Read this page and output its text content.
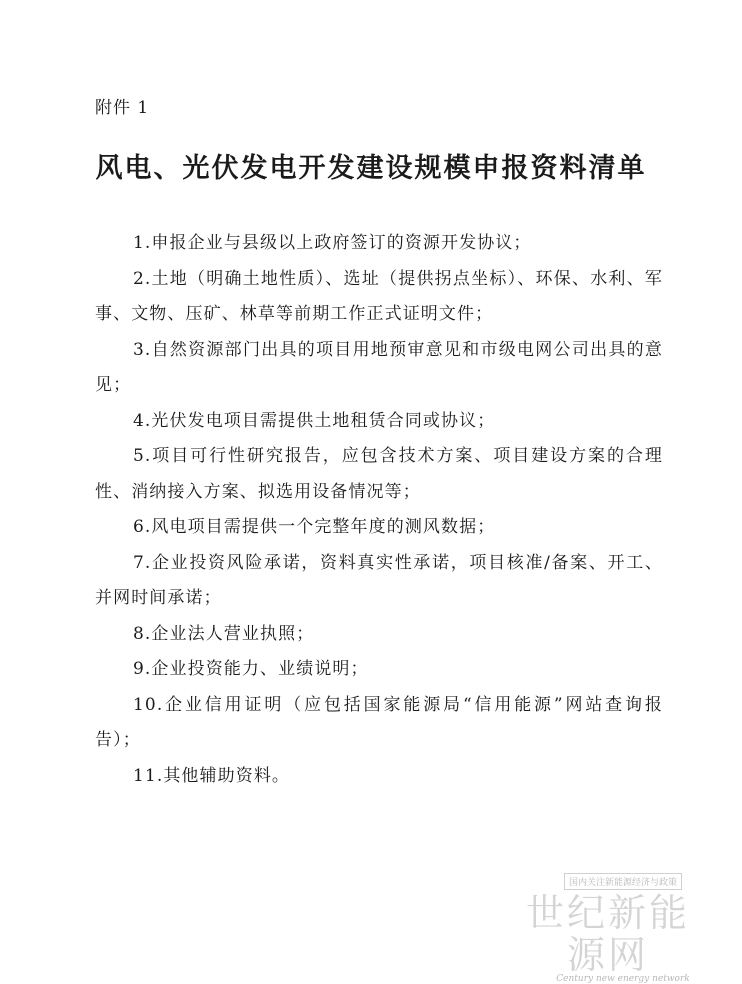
附件 1
风电、光伏发电开发建设规模申报资料清单
1.申报企业与县级以上政府签订的资源开发协议；
2.土地（明确土地性质）、选址（提供拐点坐标）、环保、水利、军事、文物、压矿、林草等前期工作正式证明文件；
3.自然资源部门出具的项目用地预审意见和市级电网公司出具的意见；
4.光伏发电项目需提供土地租赁合同或协议；
5.项目可行性研究报告，应包含技术方案、项目建设方案的合理性、消纳接入方案、拟选用设备情况等；
6.风电项目需提供一个完整年度的测风数据；
7.企业投资风险承诺，资料真实性承诺，项目核准/备案、开工、并网时间承诺；
8.企业法人营业执照；
9.企业投资能力、业绩说明；
10.企业信用证明（应包括国家能源局“信用能源”网站查询报告）；
11.其他辅助资料。
国内关注新能源经济与政策
世纪新能源网
Century new energy network
